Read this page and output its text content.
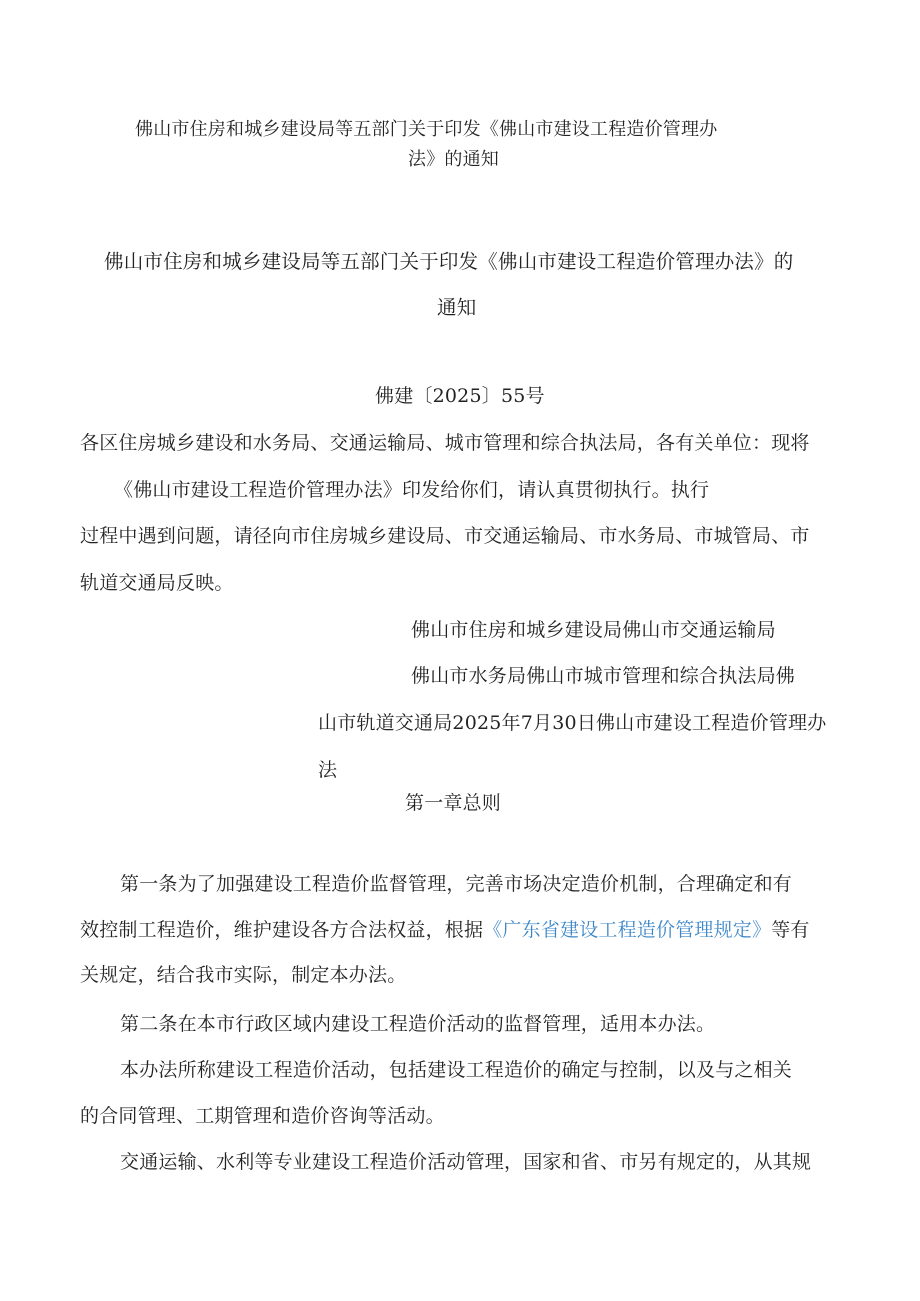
佛山市住房和城乡建设局等五部门关于印发《佛山市建设工程造价管理办
法》的通知
佛山市住房和城乡建设局等五部门关于印发《佛山市建设工程造价管理办法》的
通知
佛建〔2025〕55号
各区住房城乡建设和水务局、交通运输局、城市管理和综合执法局，各有关单位：现将
《佛山市建设工程造价管理办法》印发给你们，请认真贯彻执行。执行
过程中遇到问题，请径向市住房城乡建设局、市交通运输局、市水务局、市城管局、市
轨道交通局反映。
佛山市住房和城乡建设局佛山市交通运输局
佛山市水务局佛山市城市管理和综合执法局佛
山市轨道交通局2025年7月30日佛山市建设工程造价管理办
法
第一章总则
第一条为了加强建设工程造价监督管理，完善市场决定造价机制，合理确定和有
效控制工程造价，维护建设各方合法权益，根据《广东省建设工程造价管理规定》等有
关规定，结合我市实际，制定本办法。
第二条在本市行政区域内建设工程造价活动的监督管理，适用本办法。
本办法所称建设工程造价活动，包括建设工程造价的确定与控制，以及与之相关
的合同管理、工期管理和造价咨询等活动。
交通运输、水利等专业建设工程造价活动管理，国家和省、市另有规定的，从其规
